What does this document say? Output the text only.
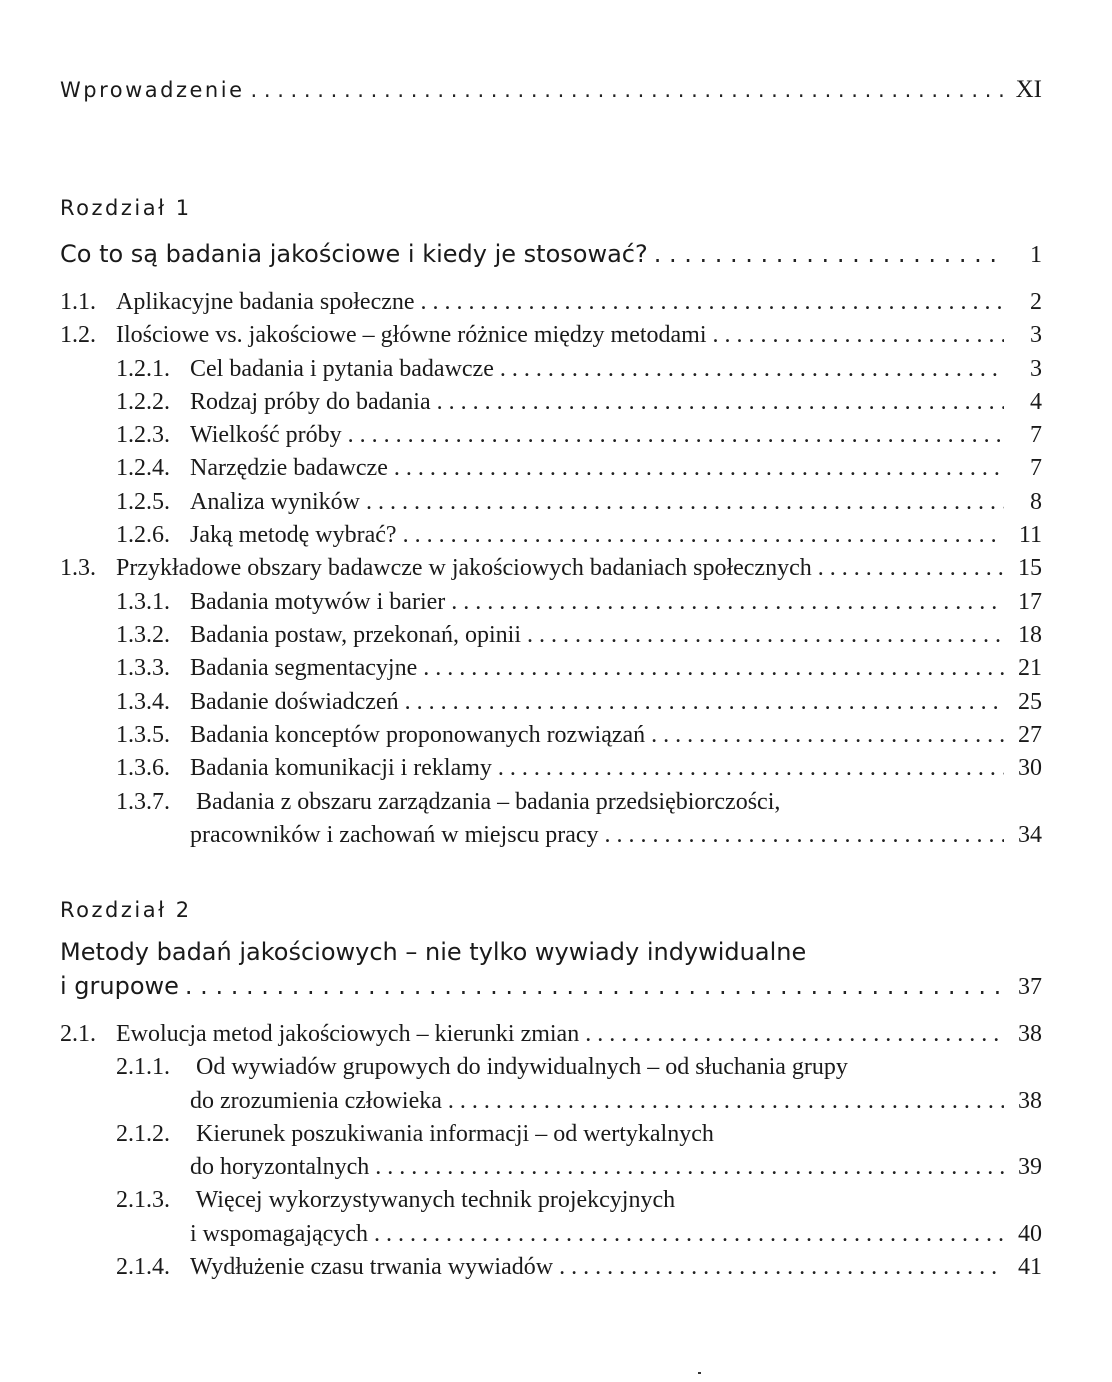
Wprowadzenie . . .	XI
Rozdział 1
Co to są badania jakościowe i kiedy je stosować? . . .	1
1.1. Aplikacyjne badania społeczne . . .	2
1.2. Ilościowe vs. jakościowe – główne różnice między metodami . . .	3
1.2.1. Cel badania i pytania badawcze . . .	3
1.2.2. Rodzaj próby do badania . . .	4
1.2.3. Wielkość próby . . .	7
1.2.4. Narzędzie badawcze . . .	7
1.2.5. Analiza wyników . . .	8
1.2.6. Jaką metodę wybrać? . . .	11
1.3. Przykładowe obszary badawcze w jakościowych badaniach społecznych . . .	15
1.3.1. Badania motywów i barier . . .	17
1.3.2. Badania postaw, przekonań, opinii . . .	18
1.3.3. Badania segmentacyjne . . .	21
1.3.4. Badanie doświadczeń . . .	25
1.3.5. Badania konceptów proponowanych rozwiązań . . .	27
1.3.6. Badania komunikacji i reklamy . . .	30
1.3.7. Badania z obszaru zarządzania – badania przedsiębiorczości,
pracowników i zachowań w miejscu pracy . . .	34
Rozdział 2
Metody badań jakościowych – nie tylko wywiady indywidualne
i grupowe . . .	37
2.1. Ewolucja metod jakościowych – kierunki zmian . . .	38
2.1.1. Od wywiadów grupowych do indywidualnych – od słuchania grupy
do zrozumienia człowieka . . .	38
2.1.2. Kierunek poszukiwania informacji – od wertykalnych
do horyzontalnych . . .	39
2.1.3. Więcej wykorzystywanych technik projekcyjnych
i wspomagających . . .	40
2.1.4. Wydłużenie czasu trwania wywiadów . . .	41
